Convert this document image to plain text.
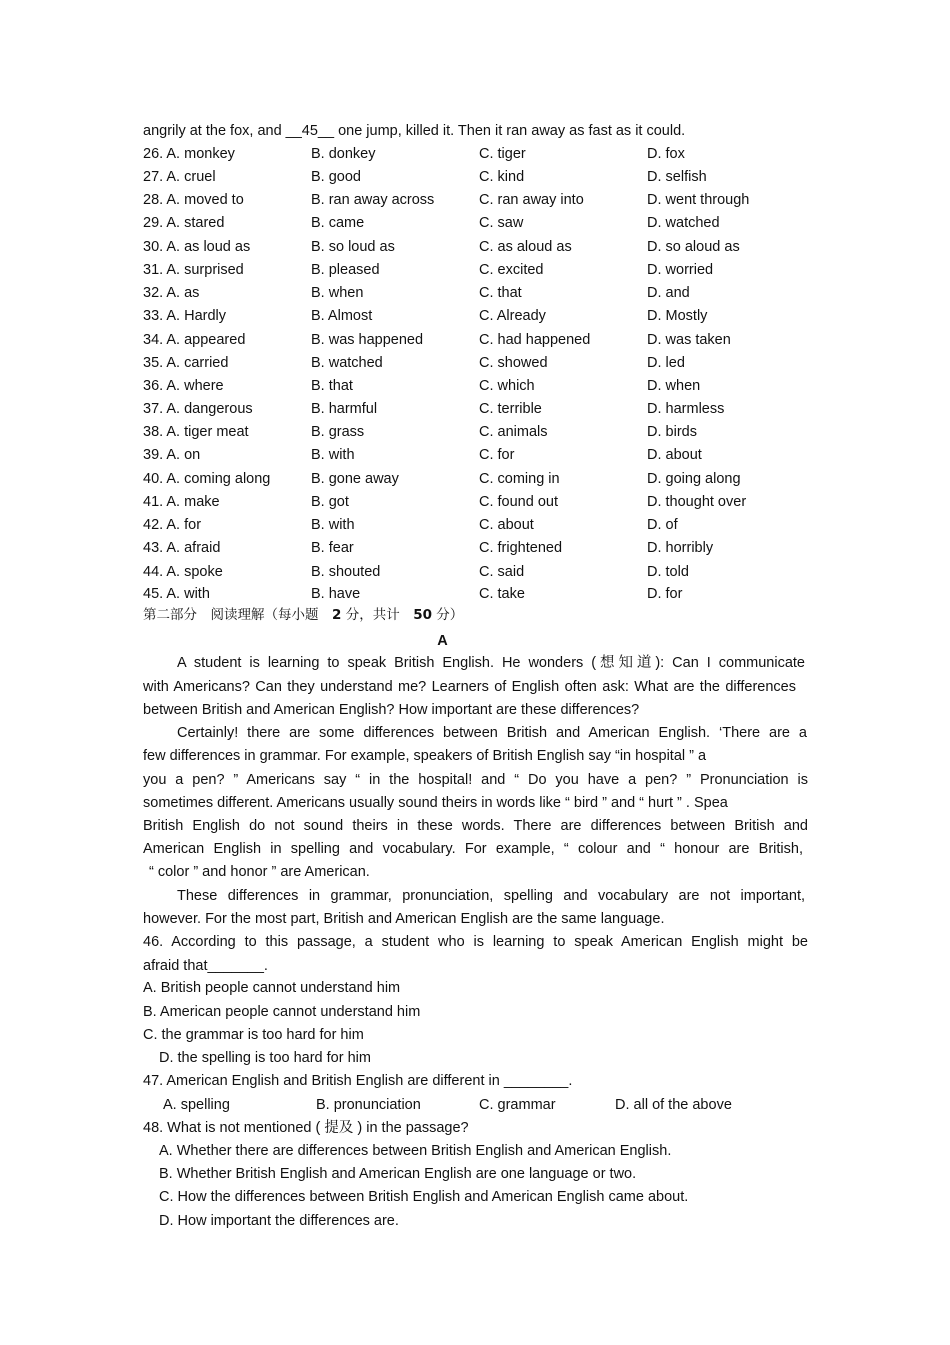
angrily at the fox, and __45__ one jump, killed it. Then it ran away as fast as it could.
26. A. monkey	B. donkey	C. tiger	D. fox
27. A. cruel	B. good	C. kind	D. selfish
28. A. moved to	B. ran away across	C. ran away into	D. went through
29. A. stared	B. came	C. saw	D. watched
30. A. as loud as	B. so loud as	C. as aloud as	D. so aloud as
31. A. surprised	B. pleased	C. excited	D. worried
32. A. as	B. when	C. that	D. and
33. A. Hardly	B. Almost	C. Already	D. Mostly
34. A. appeared	B. was happened	C. had happened	D. was taken
35. A. carried	B. watched	C. showed	D. led
36. A. where	B. that	C. which	D. when
37. A. dangerous	B. harmful	C. terrible	D. harmless
38. A. tiger meat	B. grass	C. animals	D. birds
39. A. on	B. with	C. for	D. about
40. A. coming along	B. gone away	C. coming in	D. going along
41. A. make	B. got	C. found out	D. thought over
42. A. for	B. with	C. about	D. of
43. A. afraid	B. fear	C. frightened	D. horribly
44. A. spoke	B. shouted	C. said	D. told
45. A. with	B. have	C. take	D. for
第二部分　阅读理解（每小题　2 分，共计　50 分）
A
A student is learning to speak British English. He wonders (想知道): Can I communicate
with Americans? Can they understand me? Learners of English often ask: What are the differences
between British and American English? How important are these differences?
Certainly! there are some differences between British and American English. ‘There are a
few differences in grammar. For example, speakers of British English say “in hospital ” a
you a pen? ” Americans say “ in the hospital! and “ Do you have a pen? ” Pronunciation is
sometimes different. Americans usually sound theirs in words like “ bird ” and “ hurt ” . Spea
British English do not sound theirs in these words. There are differences between British and
American English in spelling and vocabulary. For example, “ colour and “ honour are British,
“ color ” and honor ” are American.
These differences in grammar, pronunciation, spelling and vocabulary are not important,
however. For the most part, British and American English are the same language.
46. According to this passage, a student who is learning to speak American English might be
afraid that_______.
A. British people cannot understand him
B. American people cannot understand him
C. the grammar is too hard for him
D. the spelling is too hard for him
47. American English and British English are different in ________.
A. spelling	B. pronunciation	C. grammar	D. all of the above
48. What is not mentioned ( 提及 ) in the passage?
A. Whether there are differences between British English and American English.
B. Whether British English and American English are one language or two.
C. How the differences between British English and American English came about.
D. How important the differences are.
